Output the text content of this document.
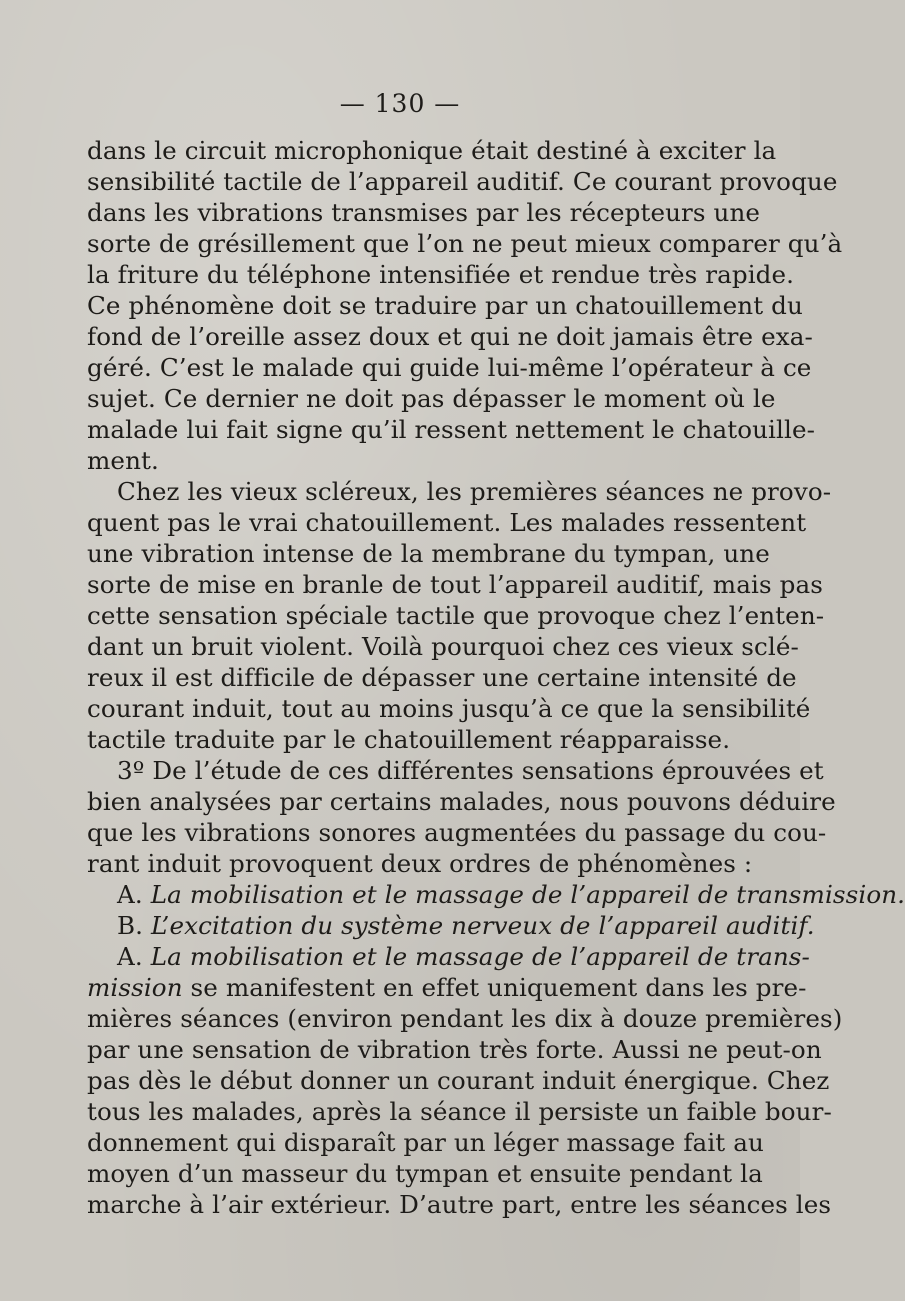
— 130 —
dans le circuit microphonique était destiné à exciter la
sensibilité tactile de l’appareil auditif. Ce courant provoque
dans les vibrations transmises par les récepteurs une
sorte de grésillement que l’on ne peut mieux comparer qu’à
la friture du téléphone intensifiée et rendue très rapide.
Ce phénomène doit se traduire par un chatouillement du
fond de l’oreille assez doux et qui ne doit jamais être exa-
géré. C’est le malade qui guide lui-même l’opérateur à ce
sujet. Ce dernier ne doit pas dépasser le moment où le
malade lui fait signe qu’il ressent nettement le chatouille-
ment.
Chez les vieux scléreux, les premières séances ne provo-
quent pas le vrai chatouillement. Les malades ressentent
une vibration intense de la membrane du tympan, une
sorte de mise en branle de tout l’appareil auditif, mais pas
cette sensation spéciale tactile que provoque chez l’enten-
dant un bruit violent. Voilà pourquoi chez ces vieux sclé-
reux il est difficile de dépasser une certaine intensité de
courant induit, tout au moins jusqu’à ce que la sensibilité
tactile traduite par le chatouillement réapparaisse.
3º De l’étude de ces différentes sensations éprouvées et
bien analysées par certains malades, nous pouvons déduire
que les vibrations sonores augmentées du passage du cou-
rant induit provoquent deux ordres de phénomènes :
A. La mobilisation et le massage de l’appareil de transmission.
B. L’excitation du système nerveux de l’appareil auditif.
A. La mobilisation et le massage de l’appareil de trans-
mission se manifestent en effet uniquement dans les pre-
mières séances (environ pendant les dix à douze premières)
par une sensation de vibration très forte. Aussi ne peut-on
pas dès le début donner un courant induit énergique. Chez
tous les malades, après la séance il persiste un faible bour-
donnement qui disparaît par un léger massage fait au
moyen d’un masseur du tympan et ensuite pendant la
marche à l’air extérieur. D’autre part, entre les séances les
